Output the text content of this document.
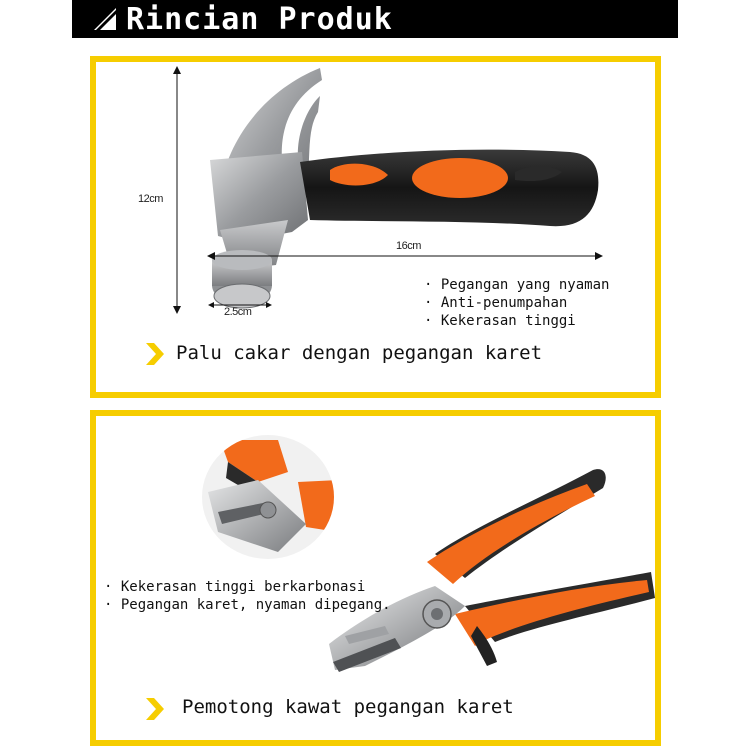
Rincian Produk
12cm
16cm
2.5cm
· Pegangan yang nyaman
· Anti-penumpahan
· Kekerasan tinggi
Palu cakar dengan pegangan karet
· Kekerasan tinggi berkarbonasi
· Pegangan karet, nyaman dipegang.
Pemotong kawat pegangan karet
